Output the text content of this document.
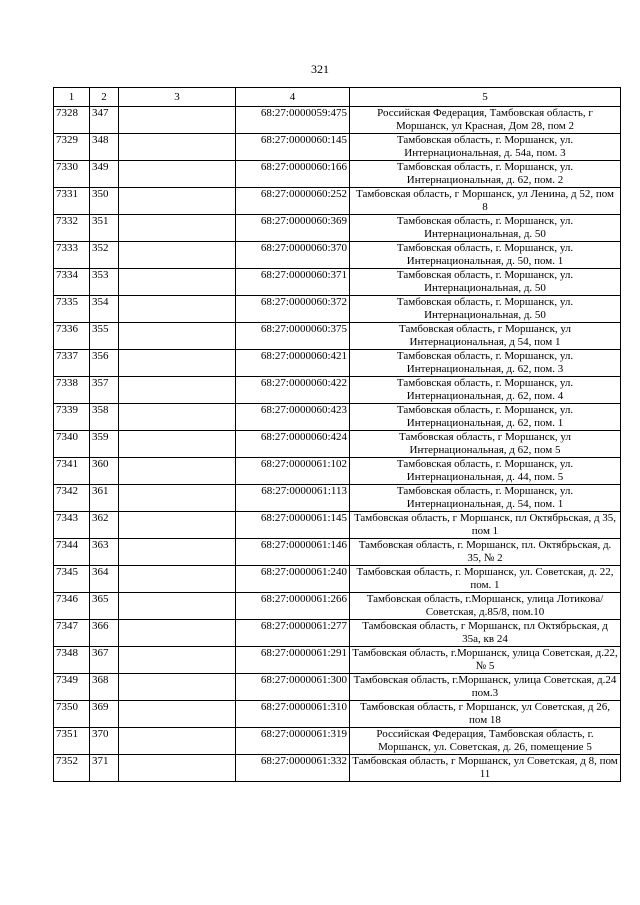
321
1	2	3	4	5
7328	347		68:27:0000059:475	Российская Федерация, Тамбовская область, г Моршанск, ул Красная, Дом 28, пом 2
7329	348		68:27:0000060:145	Тамбовская область, г. Моршанск, ул. Интернациональная, д. 54а, пом. 3
7330	349		68:27:0000060:166	Тамбовская область, г. Моршанск, ул. Интернациональная, д. 62, пом. 2
7331	350		68:27:0000060:252	Тамбовская область, г Моршанск, ул Ленина, д 52, пом 8
7332	351		68:27:0000060:369	Тамбовская область, г. Моршанск, ул. Интернациональная, д. 50
7333	352		68:27:0000060:370	Тамбовская область, г. Моршанск, ул. Интернациональная, д. 50, пом. 1
7334	353		68:27:0000060:371	Тамбовская область, г. Моршанск, ул. Интернациональная, д. 50
7335	354		68:27:0000060:372	Тамбовская область, г. Моршанск, ул. Интернациональная, д. 50
7336	355		68:27:0000060:375	Тамбовская область, г Моршанск, ул Интернациональная, д 54, пом 1
7337	356		68:27:0000060:421	Тамбовская область, г. Моршанск, ул. Интернациональная, д. 62, пом. 3
7338	357		68:27:0000060:422	Тамбовская область, г. Моршанск, ул. Интернациональная, д. 62, пом. 4
7339	358		68:27:0000060:423	Тамбовская область, г. Моршанск, ул. Интернациональная, д. 62, пом. 1
7340	359		68:27:0000060:424	Тамбовская область, г Моршанск, ул Интернациональная, д 62, пом 5
7341	360		68:27:0000061:102	Тамбовская область, г. Моршанск, ул. Интернациональная, д. 44, пом. 5
7342	361		68:27:0000061:113	Тамбовская область, г. Моршанск, ул. Интернациональная, д. 54, пом. 1
7343	362		68:27:0000061:145	Тамбовская область, г Моршанск, пл Октябрьская, д 35, пом 1
7344	363		68:27:0000061:146	Тамбовская область, г. Моршанск, пл. Октябрьская, д. 35, № 2
7345	364		68:27:0000061:240	Тамбовская область, г. Моршанск, ул. Советская, д. 22, пом. 1
7346	365		68:27:0000061:266	Тамбовская область, г.Моршанск, улица Лотикова/Советская, д.85/8, пом.10
7347	366		68:27:0000061:277	Тамбовская область, г Моршанск, пл Октябрьская, д 35а, кв 24
7348	367		68:27:0000061:291	Тамбовская область, г.Моршанск, улица Советская, д.22, № 5
7349	368		68:27:0000061:300	Тамбовская область, г.Моршанск, улица Советская, д.24 пом.3
7350	369		68:27:0000061:310	Тамбовская область, г Моршанск, ул Советская, д 26, пом 18
7351	370		68:27:0000061:319	Российская Федерация, Тамбовская область, г. Моршанск, ул. Советская, д. 26, помещение 5
7352	371		68:27:0000061:332	Тамбовская область, г Моршанск, ул Советская, д 8, пом 11
